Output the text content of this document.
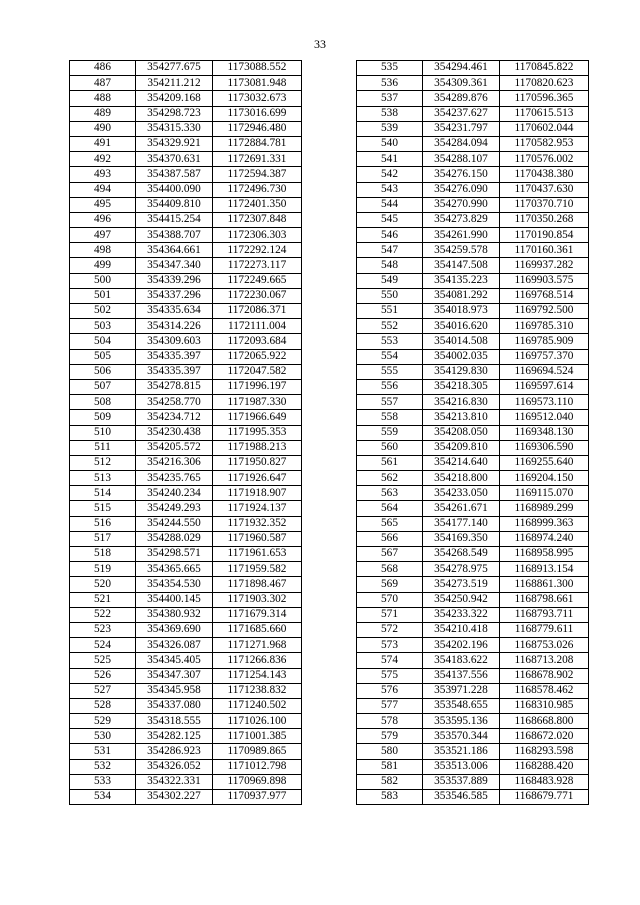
33
486	354277.675	1173088.552
487	354211.212	1173081.948
488	354209.168	1173032.673
489	354298.723	1173016.699
490	354315.330	1172946.480
491	354329.921	1172884.781
492	354370.631	1172691.331
493	354387.587	1172594.387
494	354400.090	1172496.730
495	354409.810	1172401.350
496	354415.254	1172307.848
497	354388.707	1172306.303
498	354364.661	1172292.124
499	354347.340	1172273.117
500	354339.296	1172249.665
501	354337.296	1172230.067
502	354335.634	1172086.371
503	354314.226	1172111.004
504	354309.603	1172093.684
505	354335.397	1172065.922
506	354335.397	1172047.582
507	354278.815	1171996.197
508	354258.770	1171987.330
509	354234.712	1171966.649
510	354230.438	1171995.353
511	354205.572	1171988.213
512	354216.306	1171950.827
513	354235.765	1171926.647
514	354240.234	1171918.907
515	354249.293	1171924.137
516	354244.550	1171932.352
517	354288.029	1171960.587
518	354298.571	1171961.653
519	354365.665	1171959.582
520	354354.530	1171898.467
521	354400.145	1171903.302
522	354380.932	1171679.314
523	354369.690	1171685.660
524	354326.087	1171271.968
525	354345.405	1171266.836
526	354347.307	1171254.143
527	354345.958	1171238.832
528	354337.080	1171240.502
529	354318.555	1171026.100
530	354282.125	1171001.385
531	354286.923	1170989.865
532	354326.052	1171012.798
533	354322.331	1170969.898
534	354302.227	1170937.977
535	354294.461	1170845.822
536	354309.361	1170820.623
537	354289.876	1170596.365
538	354237.627	1170615.513
539	354231.797	1170602.044
540	354284.094	1170582.953
541	354288.107	1170576.002
542	354276.150	1170438.380
543	354276.090	1170437.630
544	354270.990	1170370.710
545	354273.829	1170350.268
546	354261.990	1170190.854
547	354259.578	1170160.361
548	354147.508	1169937.282
549	354135.223	1169903.575
550	354081.292	1169768.514
551	354018.973	1169792.500
552	354016.620	1169785.310
553	354014.508	1169785.909
554	354002.035	1169757.370
555	354129.830	1169694.524
556	354218.305	1169597.614
557	354216.830	1169573.110
558	354213.810	1169512.040
559	354208.050	1169348.130
560	354209.810	1169306.590
561	354214.640	1169255.640
562	354218.800	1169204.150
563	354233.050	1169115.070
564	354261.671	1168989.299
565	354177.140	1168999.363
566	354169.350	1168974.240
567	354268.549	1168958.995
568	354278.975	1168913.154
569	354273.519	1168861.300
570	354250.942	1168798.661
571	354233.322	1168793.711
572	354210.418	1168779.611
573	354202.196	1168753.026
574	354183.622	1168713.208
575	354137.556	1168678.902
576	353971.228	1168578.462
577	353548.655	1168310.985
578	353595.136	1168668.800
579	353570.344	1168672.020
580	353521.186	1168293.598
581	353513.006	1168288.420
582	353537.889	1168483.928
583	353546.585	1168679.771
